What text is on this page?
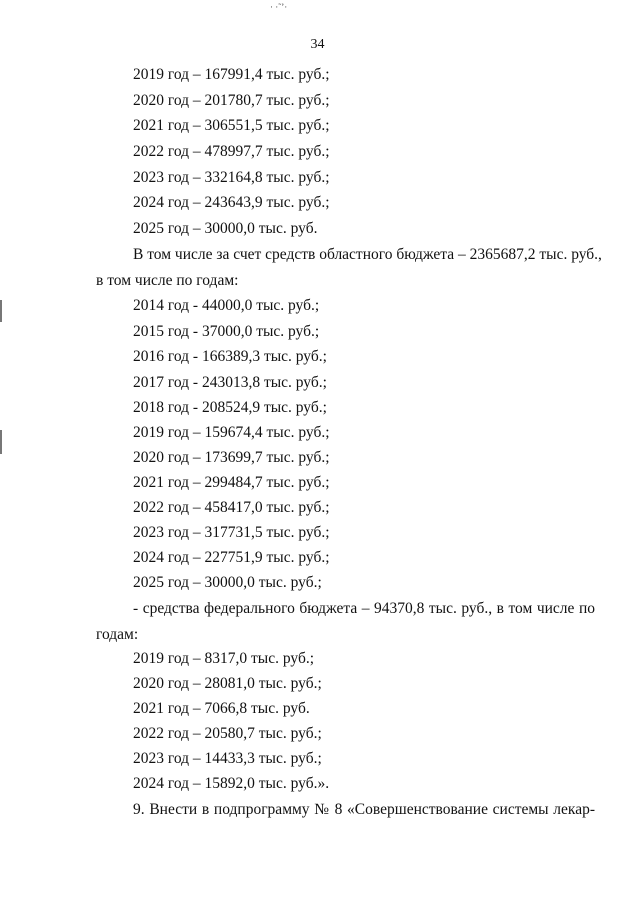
· ·˜’·
34
2019 год – 167991,4 тыс. руб.;
2020 год – 201780,7 тыс. руб.;
2021 год – 306551,5 тыс. руб.;
2022 год – 478997,7 тыс. руб.;
2023 год – 332164,8 тыс. руб.;
2024 год – 243643,9 тыс. руб.;
2025 год – 30000,0 тыс. руб.
В том числе за счет средств областного бюджета – 2365687,2 тыс. руб.,
в том числе по годам:
2014 год - 44000,0 тыс. руб.;
2015 год - 37000,0 тыс. руб.;
2016 год - 166389,3 тыс. руб.;
2017 год - 243013,8 тыс. руб.;
2018 год - 208524,9 тыс. руб.;
2019 год – 159674,4 тыс. руб.;
2020 год – 173699,7 тыс. руб.;
2021 год – 299484,7 тыс. руб.;
2022 год – 458417,0 тыс. руб.;
2023 год – 317731,5 тыс. руб.;
2024 год – 227751,9 тыс. руб.;
2025 год – 30000,0 тыс. руб.;
- средства федерального бюджета – 94370,8 тыс. руб., в том числе по
годам:
2019 год – 8317,0 тыс. руб.;
2020 год – 28081,0 тыс. руб.;
2021 год – 7066,8 тыс. руб.
2022 год – 20580,7 тыс. руб.;
2023 год – 14433,3 тыс. руб.;
2024 год – 15892,0 тыс. руб.».
9. Внести в подпрограмму № 8 «Совершенствование системы лекар-
